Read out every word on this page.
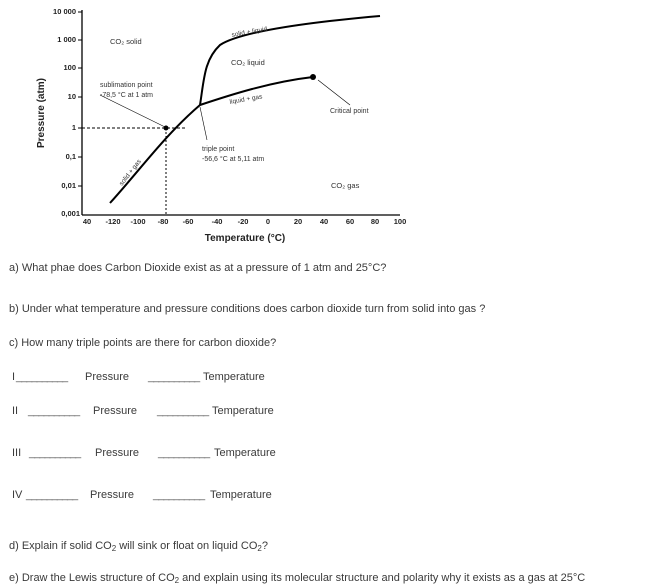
10 000
1 000
100
10
1
0,1
0,01
0,001
40 -120 -100 -80 -60 -40 -20 0	20 40 60 80 100
Temperature (°C)
Pressure (atm)
CO₂ solid
CO₂ liquid
CO₂ gas
solid + liquid
liquid + gas
solid + gas
sublimation point
-78,5 °C at 1 atm
triple point
-56,6 °C at 5,11 atm
Critical point
a) What phae does Carbon Dioxide exist as at a pressure of 1 atm and 25°C?
b) Under what temperature and pressure conditions does carbon dioxide turn from solid into gas ?
c) How many triple points are there for carbon dioxide?
I __________ Pressure __________ Temperature
II __________ Pressure __________ Temperature
III __________ Pressure __________ Temperature
IV __________ Pressure __________ Temperature
d) Explain if solid $CO_2$ will sink or float on liquid $CO_2$?
e) Draw the Lewis structure of $CO_2$ and explain using its molecular structure and polarity why it exists as a gas at 25°C
